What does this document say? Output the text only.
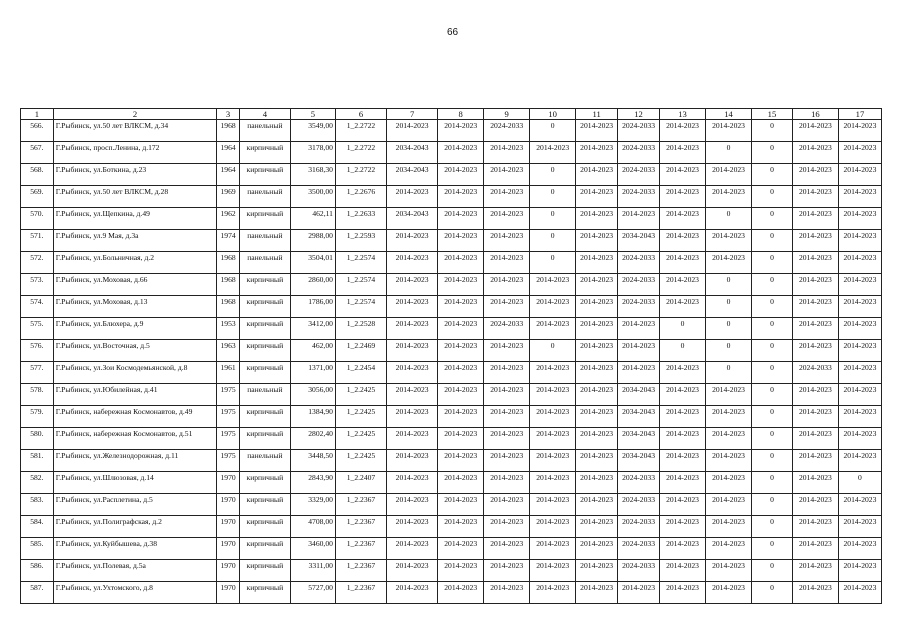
66
1	2	3	4	5	6	7	8	9	10	11	12	13	14	15	16	17
566.	Г.Рыбинск, ул.50 лет ВЛКСМ, д.34	1968	панельный	3549,00	1_2.2722	2014-2023	2014-2023	2024-2033	0	2014-2023	2024-2033	2014-2023	2014-2023	0	2014-2023	2014-2023
567.	Г.Рыбинск, просп.Ленина, д.172	1964	кирпичный	3178,00	1_2.2722	2034-2043	2014-2023	2014-2023	2014-2023	2014-2023	2024-2033	2014-2023	0	0	2014-2023	2014-2023
568.	Г.Рыбинск, ул.Боткина, д.23	1964	кирпичный	3168,30	1_2.2722	2034-2043	2014-2023	2014-2023	0	2014-2023	2024-2033	2014-2023	2014-2023	0	2014-2023	2014-2023
569.	Г.Рыбинск, ул.50 лет ВЛКСМ, д.28	1969	панельный	3500,00	1_2.2676	2014-2023	2014-2023	2014-2023	0	2014-2023	2024-2033	2014-2023	2014-2023	0	2014-2023	2014-2023
570.	Г.Рыбинск, ул.Щепкина, д.49	1962	кирпичный	462,11	1_2.2633	2034-2043	2014-2023	2014-2023	0	2014-2023	2014-2023	2014-2023	0	0	2014-2023	2014-2023
571.	Г.Рыбинск, ул.9 Мая, д.3а	1974	панельный	2988,00	1_2.2593	2014-2023	2014-2023	2014-2023	0	2014-2023	2034-2043	2014-2023	2014-2023	0	2014-2023	2014-2023
572.	Г.Рыбинск, ул.Больничная, д.2	1968	панельный	3504,01	1_2.2574	2014-2023	2014-2023	2014-2023	0	2014-2023	2024-2033	2014-2023	2014-2023	0	2014-2023	2014-2023
573.	Г.Рыбинск, ул.Моховая, д.66	1968	кирпичный	2860,00	1_2.2574	2014-2023	2014-2023	2014-2023	2014-2023	2014-2023	2024-2033	2014-2023	0	0	2014-2023	2014-2023
574.	Г.Рыбинск, ул.Моховая, д.13	1968	кирпичный	1786,00	1_2.2574	2014-2023	2014-2023	2014-2023	2014-2023	2014-2023	2024-2033	2014-2023	0	0	2014-2023	2014-2023
575.	Г.Рыбинск, ул.Блюхера, д.9	1953	кирпичный	3412,00	1_2.2528	2014-2023	2014-2023	2024-2033	2014-2023	2014-2023	2014-2023	0	0	0	2014-2023	2014-2023
576.	Г.Рыбинск, ул.Восточная, д.5	1963	кирпичный	462,00	1_2.2469	2014-2023	2014-2023	2014-2023	0	2014-2023	2014-2023	0	0	0	2014-2023	2014-2023
577.	Г.Рыбинск, ул.Зои Космодемьянской, д.8	1961	кирпичный	1371,00	1_2.2454	2014-2023	2014-2023	2014-2023	2014-2023	2014-2023	2014-2023	2014-2023	0	0	2024-2033	2014-2023
578.	Г.Рыбинск, ул.Юбилейная, д.41	1975	панельный	3056,00	1_2.2425	2014-2023	2014-2023	2014-2023	2014-2023	2014-2023	2034-2043	2014-2023	2014-2023	0	2014-2023	2014-2023
579.	Г.Рыбинск, набережная Космонавтов, д.49	1975	кирпичный	1384,90	1_2.2425	2014-2023	2014-2023	2014-2023	2014-2023	2014-2023	2034-2043	2014-2023	2014-2023	0	2014-2023	2014-2023
580.	Г.Рыбинск, набережная Космонавтов, д.51	1975	кирпичный	2802,40	1_2.2425	2014-2023	2014-2023	2014-2023	2014-2023	2014-2023	2034-2043	2014-2023	2014-2023	0	2014-2023	2014-2023
581.	Г.Рыбинск, ул.Железнодорожная, д.11	1975	панельный	3448,50	1_2.2425	2014-2023	2014-2023	2014-2023	2014-2023	2014-2023	2034-2043	2014-2023	2014-2023	0	2014-2023	2014-2023
582.	Г.Рыбинск, ул.Шлюзовая, д.14	1970	кирпичный	2843,90	1_2.2407	2014-2023	2014-2023	2014-2023	2014-2023	2014-2023	2024-2033	2014-2023	2014-2023	0	2014-2023	0
583.	Г.Рыбинск, ул.Расплетина, д.5	1970	кирпичный	3329,00	1_2.2367	2014-2023	2014-2023	2014-2023	2014-2023	2014-2023	2024-2033	2014-2023	2014-2023	0	2014-2023	2014-2023
584.	Г.Рыбинск, ул.Полиграфская, д.2	1970	кирпичный	4708,00	1_2.2367	2014-2023	2014-2023	2014-2023	2014-2023	2014-2023	2024-2033	2014-2023	2014-2023	0	2014-2023	2014-2023
585.	Г.Рыбинск, ул.Куйбышева, д.38	1970	кирпичный	3460,00	1_2.2367	2014-2023	2014-2023	2014-2023	2014-2023	2014-2023	2024-2033	2014-2023	2014-2023	0	2014-2023	2014-2023
586.	Г.Рыбинск, ул.Полевая, д.5а	1970	кирпичный	3311,00	1_2.2367	2014-2023	2014-2023	2014-2023	2014-2023	2014-2023	2024-2033	2014-2023	2014-2023	0	2014-2023	2014-2023
587.	Г.Рыбинск, ул.Ухтомского, д.8	1970	кирпичный	5727,00	1_2.2367	2014-2023	2014-2023	2014-2023	2014-2023	2014-2023	2014-2023	2014-2023	2014-2023	0	2014-2023	2014-2023
